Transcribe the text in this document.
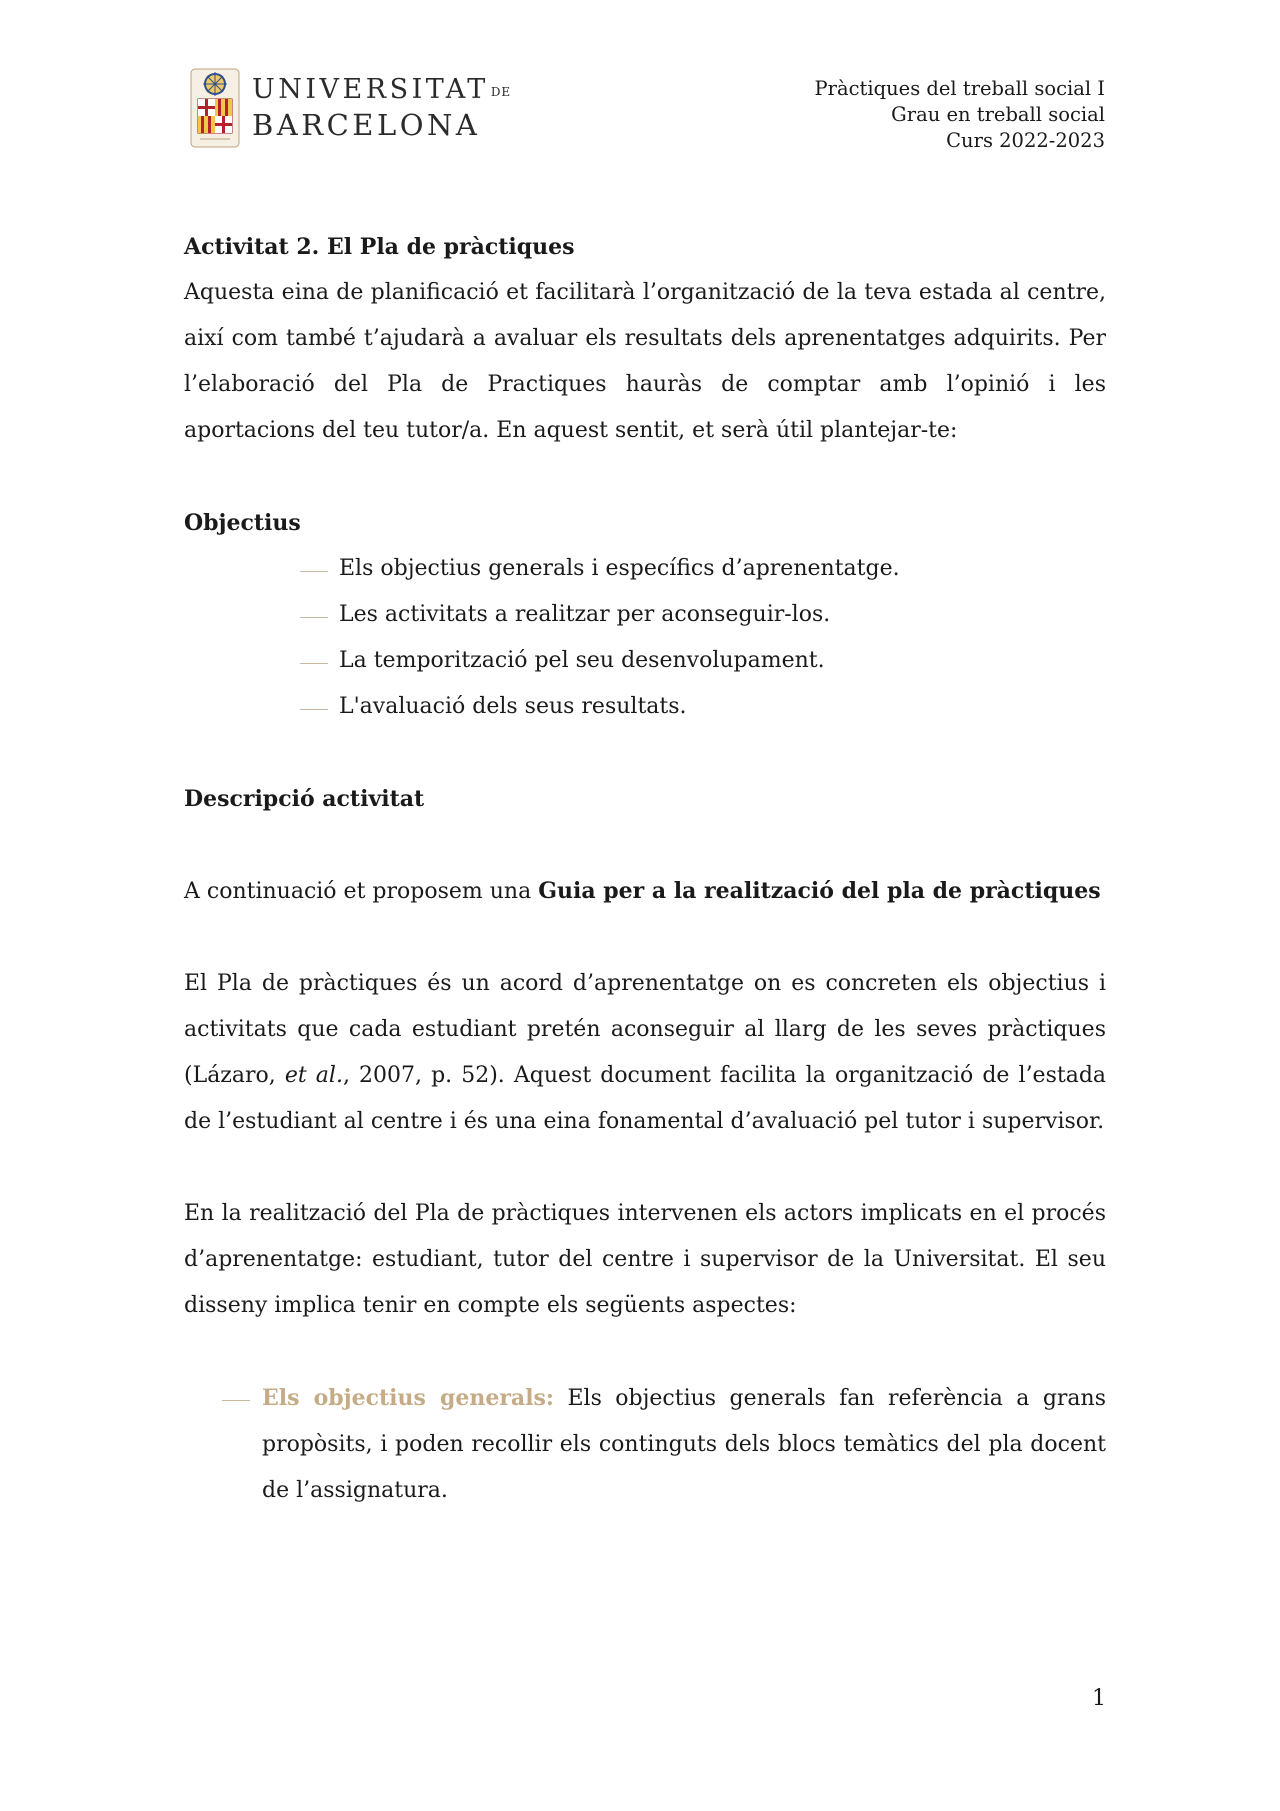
UNIVERSITAT DE
BARCELONA
Pràctiques del treball social I
Grau en treball social
Curs 2022-2023
Activitat 2. El Pla de pràctiques

Aquesta eina de planificació et facilitarà l’organització de la teva estada al centre, així com també t’ajudarà a avaluar els resultats dels aprenentatges adquirits. Per l’elaboració del Pla de Practiques hauràs de comptar amb l’opinió i les aportacions del teu tutor/a. En aquest sentit, et serà útil plantejar-te:

Objectius
Els objectius generals i específics d’aprenentatge.
Les activitats a realitzar per aconseguir-los.
La temporització pel seu desenvolupament.
L'avaluació dels seus resultats.
Descripció activitat

A continuació et proposem una Guia per a la realització del pla de pràctiques

El Pla de pràctiques és un acord d’aprenentatge on es concreten els objectius i activitats que cada estudiant pretén aconseguir al llarg de les seves pràctiques (Lázaro, et al., 2007, p. 52). Aquest document facilita la organització de l’estada de l’estudiant al centre i és una eina fonamental d’avaluació pel tutor i supervisor.

En la realització del Pla de pràctiques intervenen els actors implicats en el procés d’aprenentatge: estudiant, tutor del centre i supervisor de la Universitat. El seu disseny implica tenir en compte els següents aspectes:

Els objectius generals: Els objectius generals fan referència a grans propòsits, i poden recollir els continguts dels blocs temàtics del pla docent de l’assignatura.
1
